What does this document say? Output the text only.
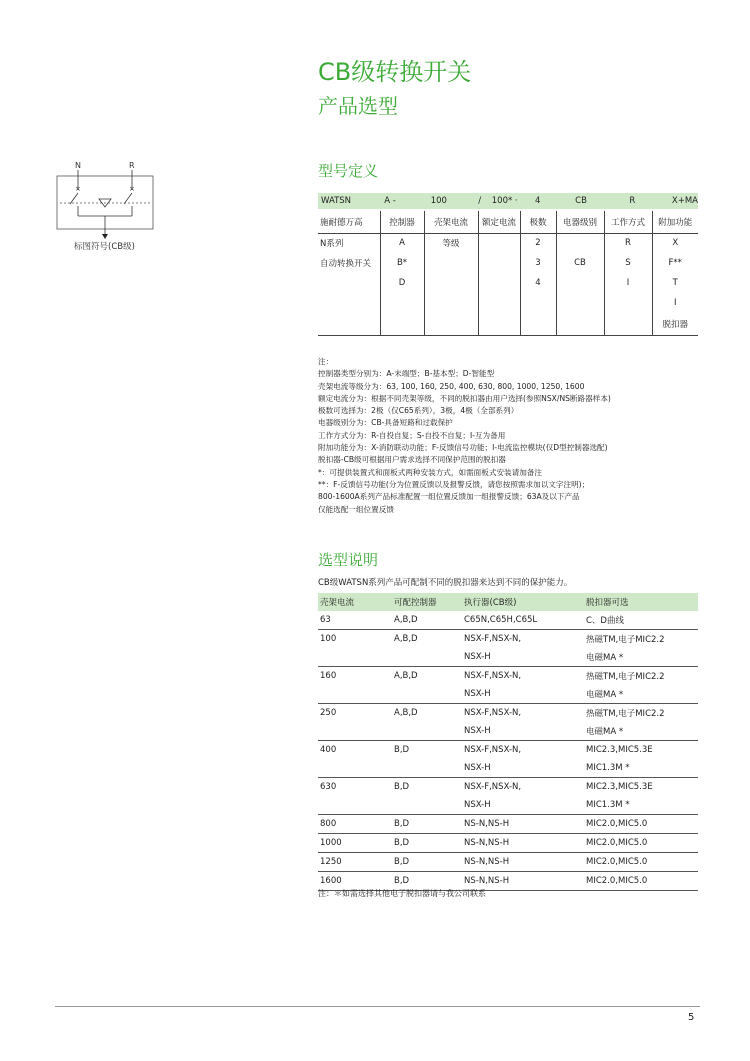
CB级转换开关
产品选型
N	R
×	×
标图符号(CB级)
型号定义
WATSN	A -	100	/	100* ·	4	CB	R	X+MA
施耐德万高	控制器	壳架电流	额定电流	极数	电器级别	工作方式	附加功能
N系列	A	等级		2		R	X
自动转换开关	B*			3	CB	S	F**
	D			4		I	T
							I
							脱扣器
注：
控制器类型分别为：A-末端型；B-基本型；D-智能型
壳架电流等级分为：63, 100, 160, 250, 400, 630, 800, 1000, 1250, 1600
额定电流分为：根据不同壳架等级，不同的脱扣器由用户选择(参照NSX/NS断路器样本)
极数可选择为：2极（仅C65系列），3极，4极（全部系列）
电器级别分为：CB-具备短路和过载保护
工作方式分为：R-自投自复；S-自投不自复；I-互为备用
附加功能分为：X-消防联动功能；F-反馈信号功能；I-电流监控模块(仅D型控制器选配)
脱扣器-CB级可根据用户需求选择不同保护范围的脱扣器
*：可提供装置式和面板式两种安装方式，如需面板式安装请加备注
**：F-反馈信号功能(分为位置反馈以及报警反馈，请您按照需求加以文字注明)；
800-1600A系列产品标准配置一组位置反馈加一组报警反馈；63A及以下产品
仅能选配一组位置反馈
选型说明
CB级WATSN系列产品可配制不同的脱扣器来达到不同的保护能力。
壳架电流	可配控制器	执行器(CB级)	脱扣器可选
63	A,B,D	C65N,C65H,C65L	C、D曲线
100	A,B,D	NSX-F,NSX-N,	热磁TM,电子MIC2.2
		NSX-H	电磁MA *
160	A,B,D	NSX-F,NSX-N,	热磁TM,电子MIC2.2
		NSX-H	电磁MA *
250	A,B,D	NSX-F,NSX-N,	热磁TM,电子MIC2.2
		NSX-H	电磁MA *
400	B,D	NSX-F,NSX-N,	MIC2.3,MIC5.3E
		NSX-H	MIC1.3M *
630	B,D	NSX-F,NSX-N,	MIC2.3,MIC5.3E
		NSX-H	MIC1.3M *
800	B,D	NS-N,NS-H	MIC2.0,MIC5.0
1000	B,D	NS-N,NS-H	MIC2.0,MIC5.0
1250	B,D	NS-N,NS-H	MIC2.0,MIC5.0
1600	B,D	NS-N,NS-H	MIC2.0,MIC5.0
注：＊如需选择其他电子脱扣器请与我公司联系
5
